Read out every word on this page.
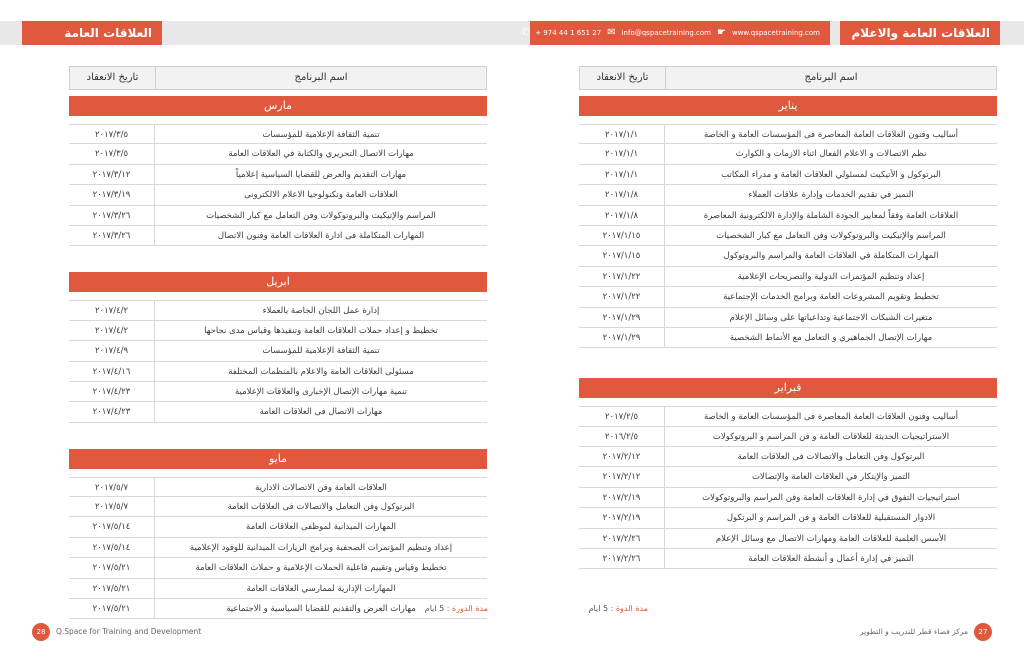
العلاقات العامة والاعلام
✆ + 974 44 1 651 27 ✉ info@qspacetraining.com ☛ www.qspacetraining.com	العلاقات العامة والاعلام
اسم البرنامج
تاريخ الانعقاد
مارس
تنمية الثقافة الإعلامية للمؤسسات
٢٠١٧/٣/٥
مهارات الاتصال التحريري والكتابة في العلاقات العامة
٢٠١٧/٣/٥
مهارات التقديم والعرض للقضايا السياسية إعلامياً
٢٠١٧/٣/١٢
العلاقات العامة وتكنولوجيا الاعلام الالكترونى
٢٠١٧/٣/١٩
المراسم والإتيكيت والبروتوكولات وفن التعامل مع كبار الشخصيات
٢٠١٧/٣/٢٦
المهارات المتكاملة فى ادارة العلاقات العامة وفنون الاتصال
٢٠١٧/٣/٢٦
ابريل
إدارة عمل اللجان الخاصة بالعملاء
٢٠١٧/٤/٢
تخطيط و إعداد حملات العلاقات العامة وتنفيذها وقياس مدى نجاحها
٢٠١٧/٤/٢
تنمية الثقافة الإعلامية للمؤسسات
٢٠١٧/٤/٩
مسئولى العلاقات العامة والاعلام بالمنظمات المختلفة
٢٠١٧/٤/١٦
تنمية مهارات الإتصال الإخبارى والعلاقات الإعلامية
٢٠١٧/٤/٢٣
مهارات الاتصال فى العلاقات العامة
٢٠١٧/٤/٢٣
مايو
العلاقات العامة وفن الاتصالات الادارية
٢٠١٧/٥/٧
البرتوكول وفن التعامل والاتصالات فى العلاقات العامة
٢٠١٧/٥/٧
المهارات الميدانية لموظفى العلاقات العامة
٢٠١٧/٥/١٤
إعداد وتنظيم المؤتمرات الصحفية وبرامج الزيارات الميدانية للوفود الإعلامية
٢٠١٧/٥/١٤
تخطيط وقياس وتقييم فاعلية الحملات الإعلامية و حملات العلاقات العامة
٢٠١٧/٥/٢١
المهارات الإدارية لممارسي العلاقات العامة
٢٠١٧/٥/٢١
مهارات العرض والتقديم للقضايا السياسية و الاجتماعية
٢٠١٧/٥/٢١
اسم البرنامج
تاريخ الانعقاد
يناير
أساليب وفنون العلاقات العامة المعاصرة فى المؤسسات العامة و الخاصة
٢٠١٧/١/١
نظم الاتصالات و الاعلام الفعال اثناء الازمات و الكوارث
٢٠١٧/١/١
البرتوكول و الأتيكيت لمسئولي العلاقات العامة و مدراء المكاتب
٢٠١٧/١/١
التميز في تقديم الخدمات وإدارة علاقات العملاء
٢٠١٧/١/٨
العلاقات العامة وفقاً لمعايير الجودة الشاملة والإدارة الالكترونية المعاصرة
٢٠١٧/١/٨
المراسم والإتيكيت والبروتوكولات وفن التعامل مع كبار الشخصيات
٢٠١٧/١/١٥
المهارات المتكاملة في العلاقات العامة والمراسم والبروتوكول
٢٠١٧/١/١٥
إعداد وتنظيم المؤتمرات الدولية والتصريحات الإعلامية
٢٠١٧/١/٢٢
تخطيط وتقويم المشروعات العامة وبرامج الخدمات الإجتماعية
٢٠١٧/١/٢٢
متغيرات الشبكات الاجتماعية وتداعياتها على وسائل الإعلام
٢٠١٧/١/٢٩
مهارات الإتصال الجماهيري و التعامل مع الأنماط الشخصية
٢٠١٧/١/٢٩
فبراير
أساليب وفنون العلاقات العامة المعاصرة فى المؤسسات العامة و الخاصة
٢٠١٧/٢/٥
الاستراتيجيات الحديثة للعلاقات العامة و فن المراسم و البروتوكولات
٢٠١٦/٢/٥
البرتوكول وفن التعامل والاتصالات فى العلاقات العامة
٢٠١٧/٢/١٢
التميز والإبتكار في العلاقات العامة والإتصالات
٢٠١٧/٢/١٢
استراتيجيات التفوق في إدارة العلاقات العامة وفن المراسم والبروتوكولات
٢٠١٧/٢/١٩
الادوار المستقبلية للعلاقات العامة و فن المراسم و البرتكول
٢٠١٧/٢/١٩
الأسس العلمية للعلاقات العامة ومهارات الاتصال مع وسائل الإعلام
٢٠١٧/٢/٢٦
التميز في إدارة أعمال و أنشطة العلاقات العامة
٢٠١٧/٢/٢٦
مدة الدورة : 5 ايام	مدة الدوة : 5 ايام
28	Q.Space for Training and Development	مركز فضاء قطر للتدريب و التطوير	27
